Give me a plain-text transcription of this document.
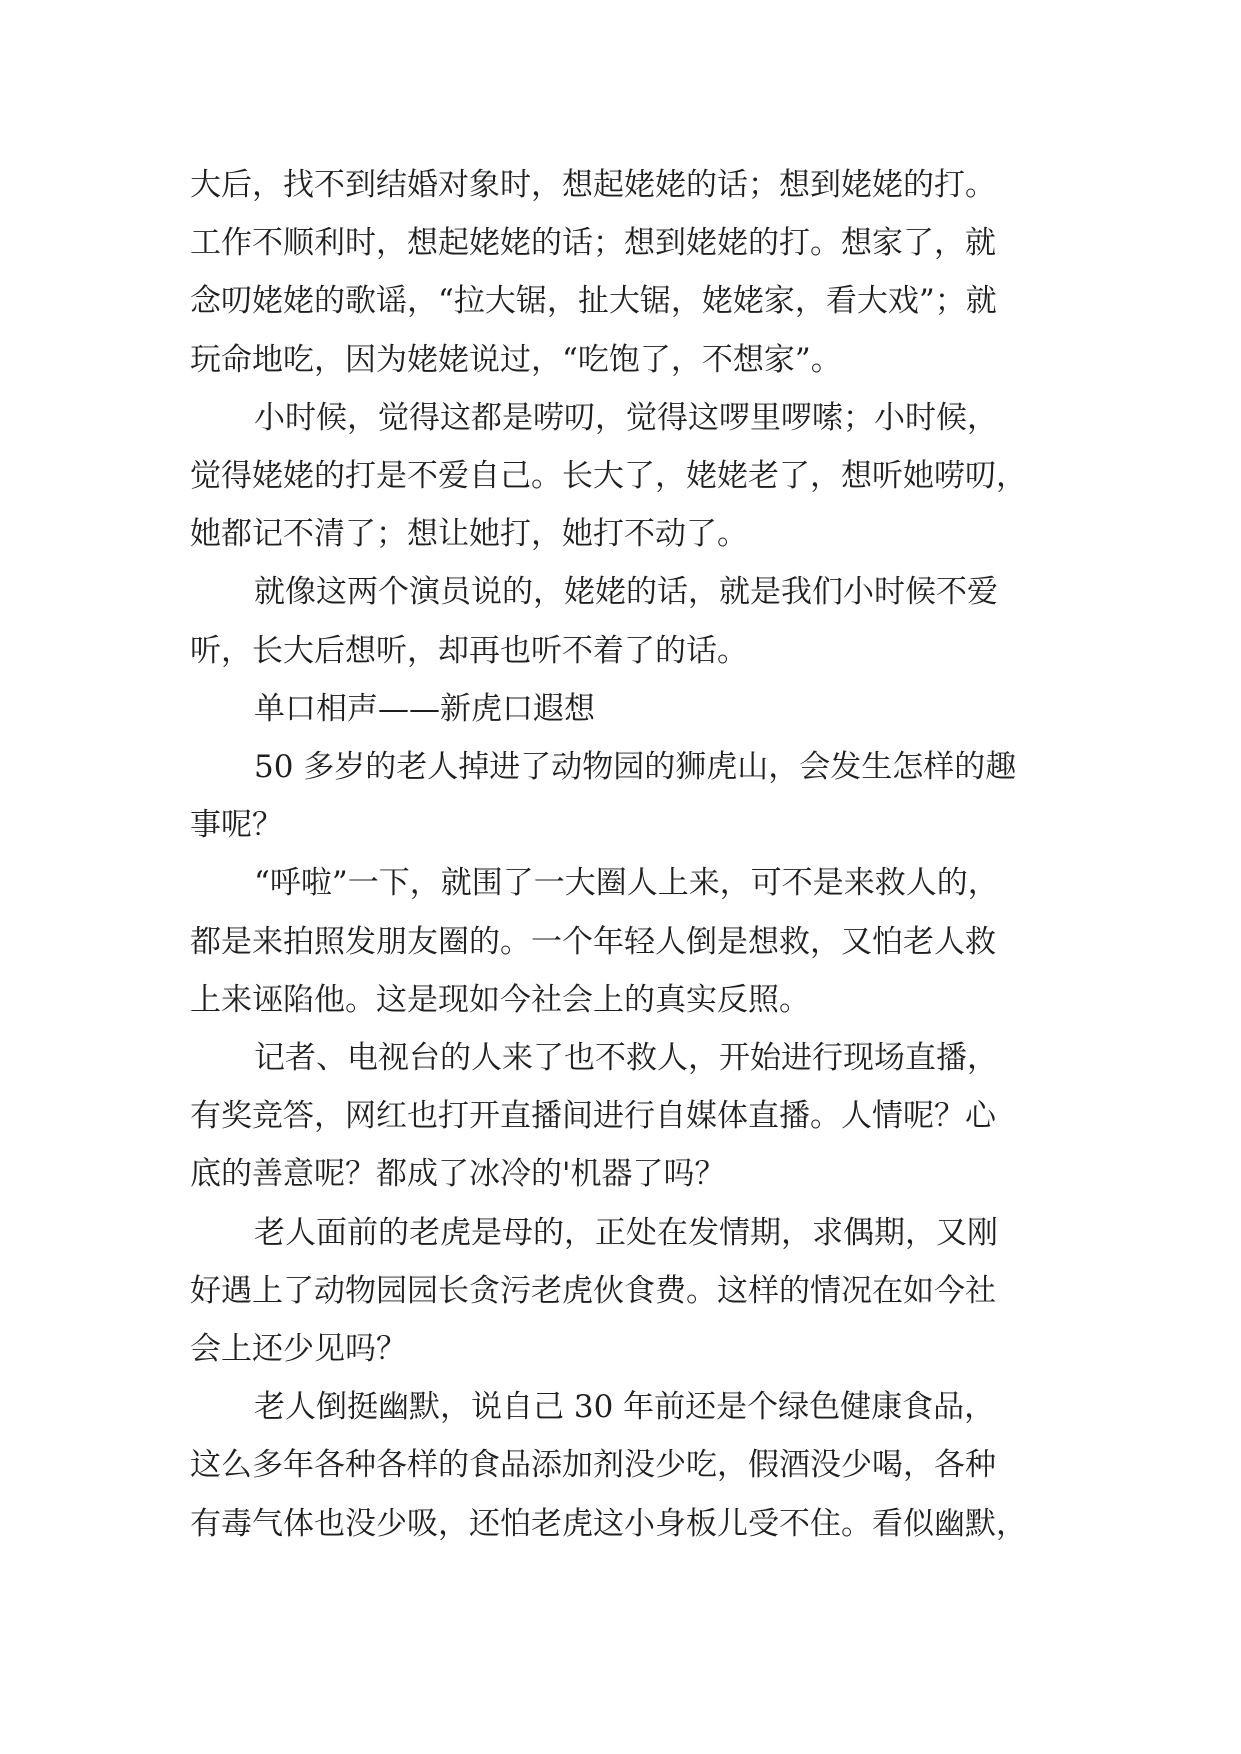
大后，找不到结婚对象时，想起姥姥的话；想到姥姥的打。
工作不顺利时，想起姥姥的话；想到姥姥的打。想家了，就
念叨姥姥的歌谣，“拉大锯，扯大锯，姥姥家，看大戏”；就
玩命地吃，因为姥姥说过，“吃饱了，不想家”。

小时候，觉得这都是唠叨，觉得这啰里啰嗦；小时候，
觉得姥姥的打是不爱自己。长大了，姥姥老了，想听她唠叨，
她都记不清了；想让她打，她打不动了。

就像这两个演员说的，姥姥的话，就是我们小时候不爱
听，长大后想听，却再也听不着了的话。

单口相声——新虎口遐想

50 多岁的老人掉进了动物园的狮虎山，会发生怎样的趣
事呢？

“呼啦”一下，就围了一大圈人上来，可不是来救人的，
都是来拍照发朋友圈的。一个年轻人倒是想救，又怕老人救
上来诬陷他。这是现如今社会上的真实反照。

记者、电视台的人来了也不救人，开始进行现场直播，
有奖竞答，网红也打开直播间进行自媒体直播。人情呢？心
底的善意呢？都成了冰冷的'机器了吗？

老人面前的老虎是母的，正处在发情期，求偶期，又刚
好遇上了动物园园长贪污老虎伙食费。这样的情况在如今社
会上还少见吗？

老人倒挺幽默，说自己 30 年前还是个绿色健康食品，
这么多年各种各样的食品添加剂没少吃，假酒没少喝，各种
有毒气体也没少吸，还怕老虎这小身板儿受不住。看似幽默，
